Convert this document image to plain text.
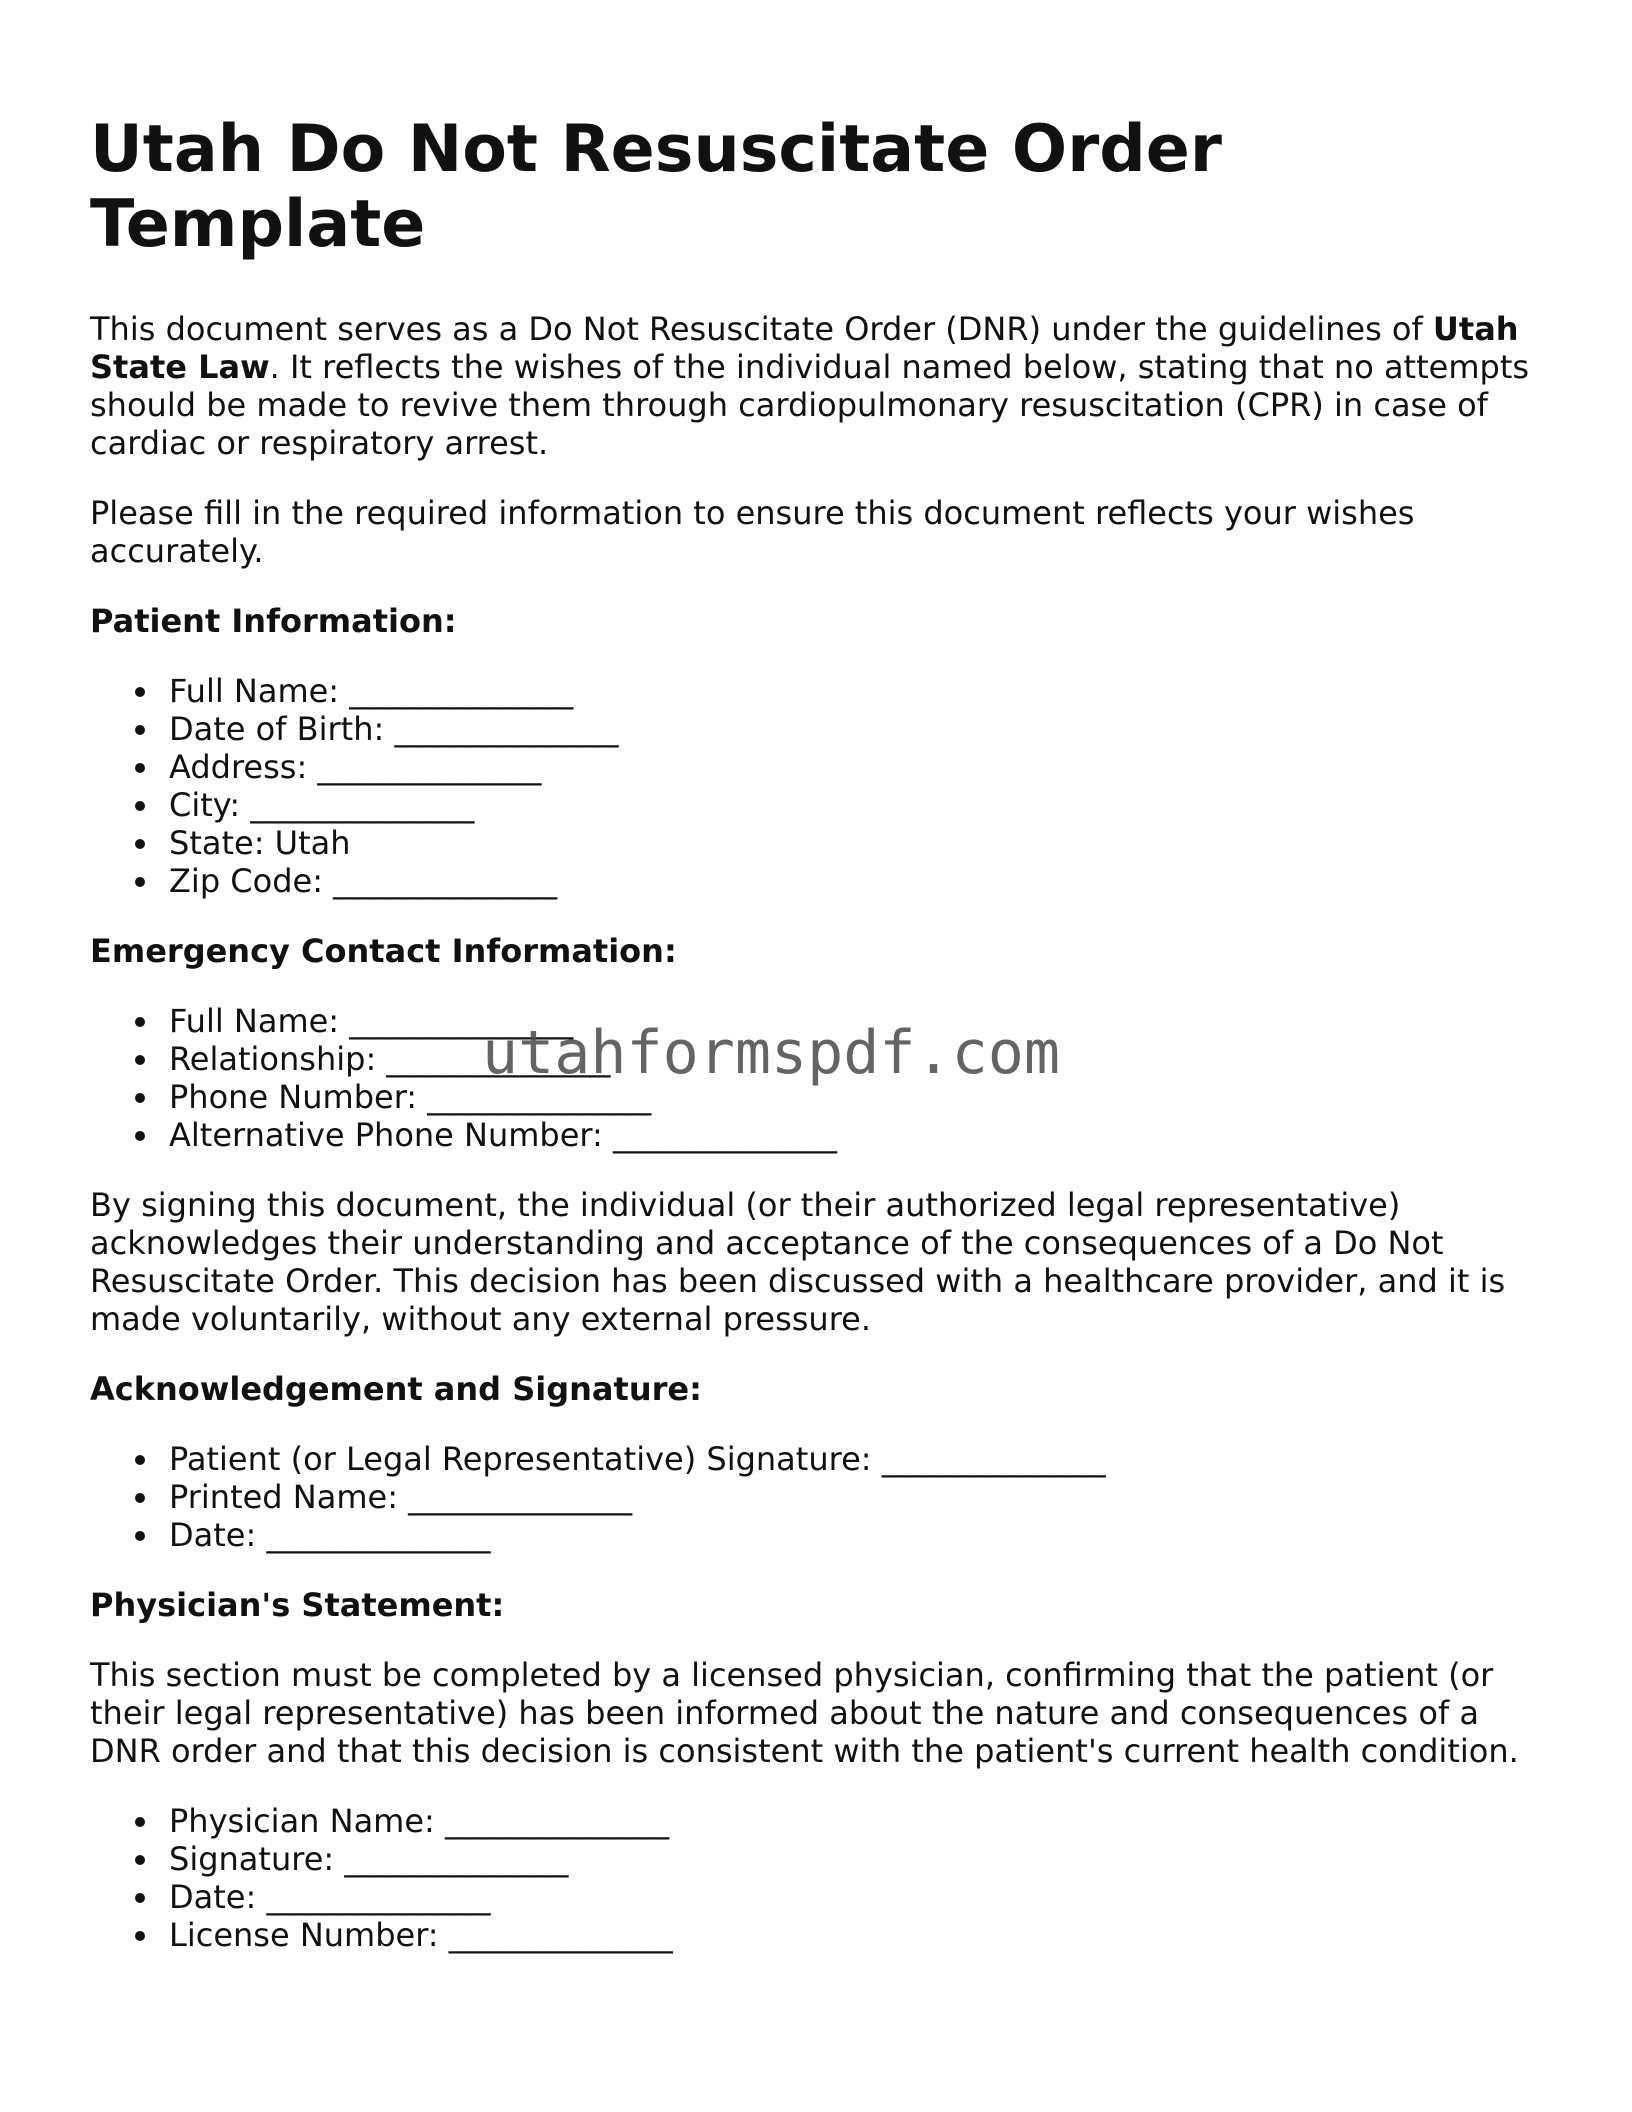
Utah Do Not Resuscitate Order Template

This document serves as a Do Not Resuscitate Order (DNR) under the guidelines of Utah State Law. It reflects the wishes of the individual named below, stating that no attempts should be made to revive them through cardiopulmonary resuscitation (CPR) in case of cardiac or respiratory arrest.

Please fill in the required information to ensure this document reflects your wishes accurately.

Patient Information:
Full Name: ______________
Date of Birth: ______________
Address: ______________
City: ______________
State: Utah
Zip Code: ______________
Emergency Contact Information:
Full Name: ______________
Relationship: ______________
Phone Number: ______________
Alternative Phone Number: ______________

By signing this document, the individual (or their authorized legal representative) acknowledges their understanding and acceptance of the consequences of a Do Not Resuscitate Order. This decision has been discussed with a healthcare provider, and it is made voluntarily, without any external pressure.

Acknowledgement and Signature:
Patient (or Legal Representative) Signature: ______________
Printed Name: ______________
Date: ______________
Physician's Statement:

This section must be completed by a licensed physician, confirming that the patient (or their legal representative) has been informed about the nature and consequences of a DNR order and that this decision is consistent with the patient's current health condition.

Physician Name: ______________
Signature: ______________
Date: ______________
License Number: ______________
utahformspdf.com
